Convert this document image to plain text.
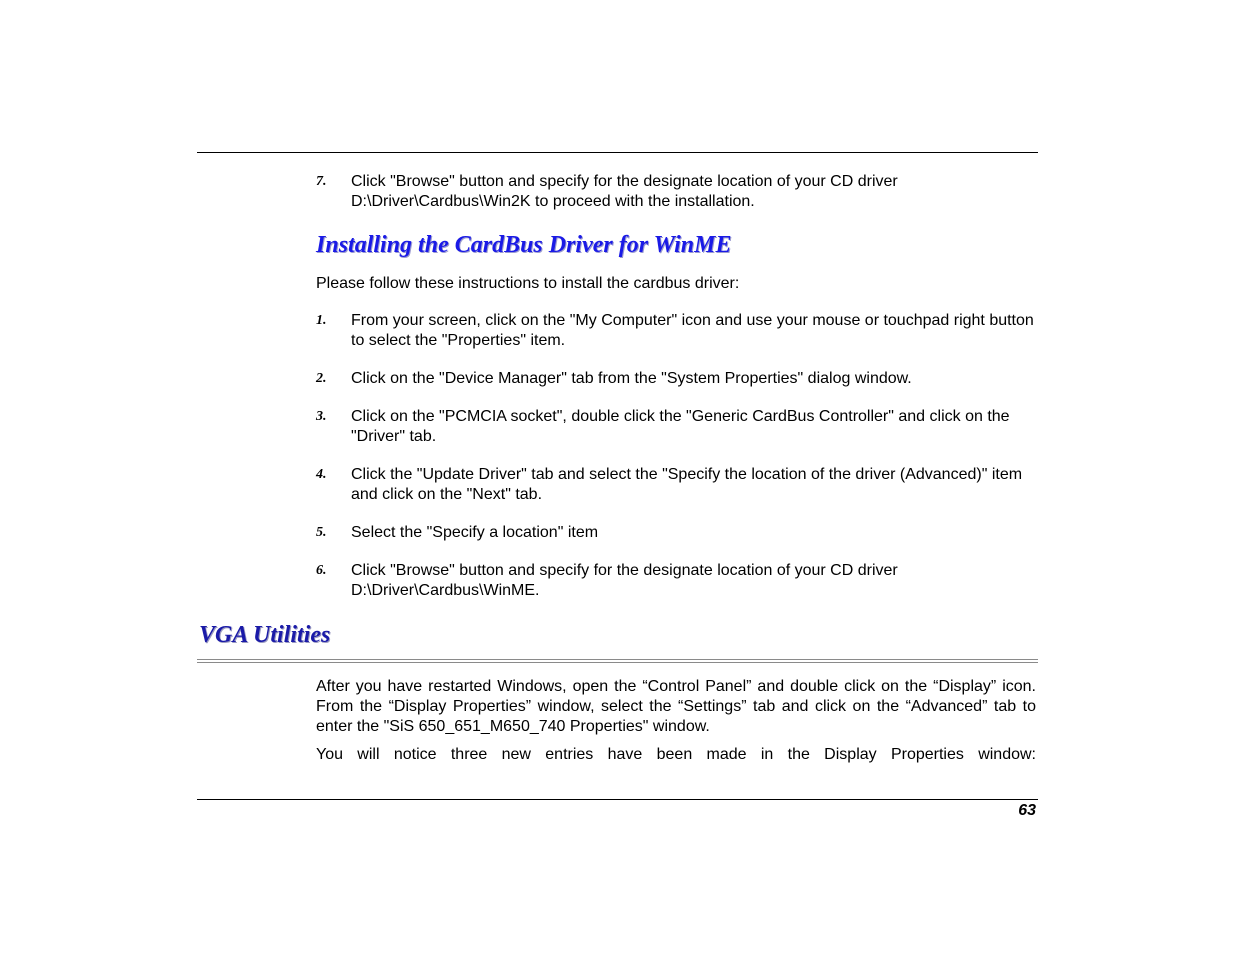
7. Click "Browse" button and specify for the designate location of your CD driver D:\Driver\Cardbus\Win2K to proceed with the installation.
Installing the CardBus Driver for WinME

Please follow these instructions to install the cardbus driver:

1. From your screen, click on the "My Computer" icon and use your mouse or touchpad right button to select the "Properties" item.
2. Click on the "Device Manager" tab from the "System Properties" dialog window.
3. Click on the "PCMCIA socket", double click the "Generic CardBus Controller" and click on the "Driver" tab.
4. Click the "Update Driver" tab and select the "Specify the location of the driver (Advanced)" item and click on the "Next" tab.
5. Select the "Specify a location" item
6. Click "Browse" button and specify for the designate location of your CD driver D:\Driver\Cardbus\WinME.
VGA Utilities

After you have restarted Windows, open the “Control Panel” and double click on the “Display” icon. From the “Display Properties” window, select the “Settings” tab and click on the “Advanced” tab to enter the "SiS 650_651_M650_740 Properties" window.

You will notice three new entries have been made in the Display Properties window:

63
